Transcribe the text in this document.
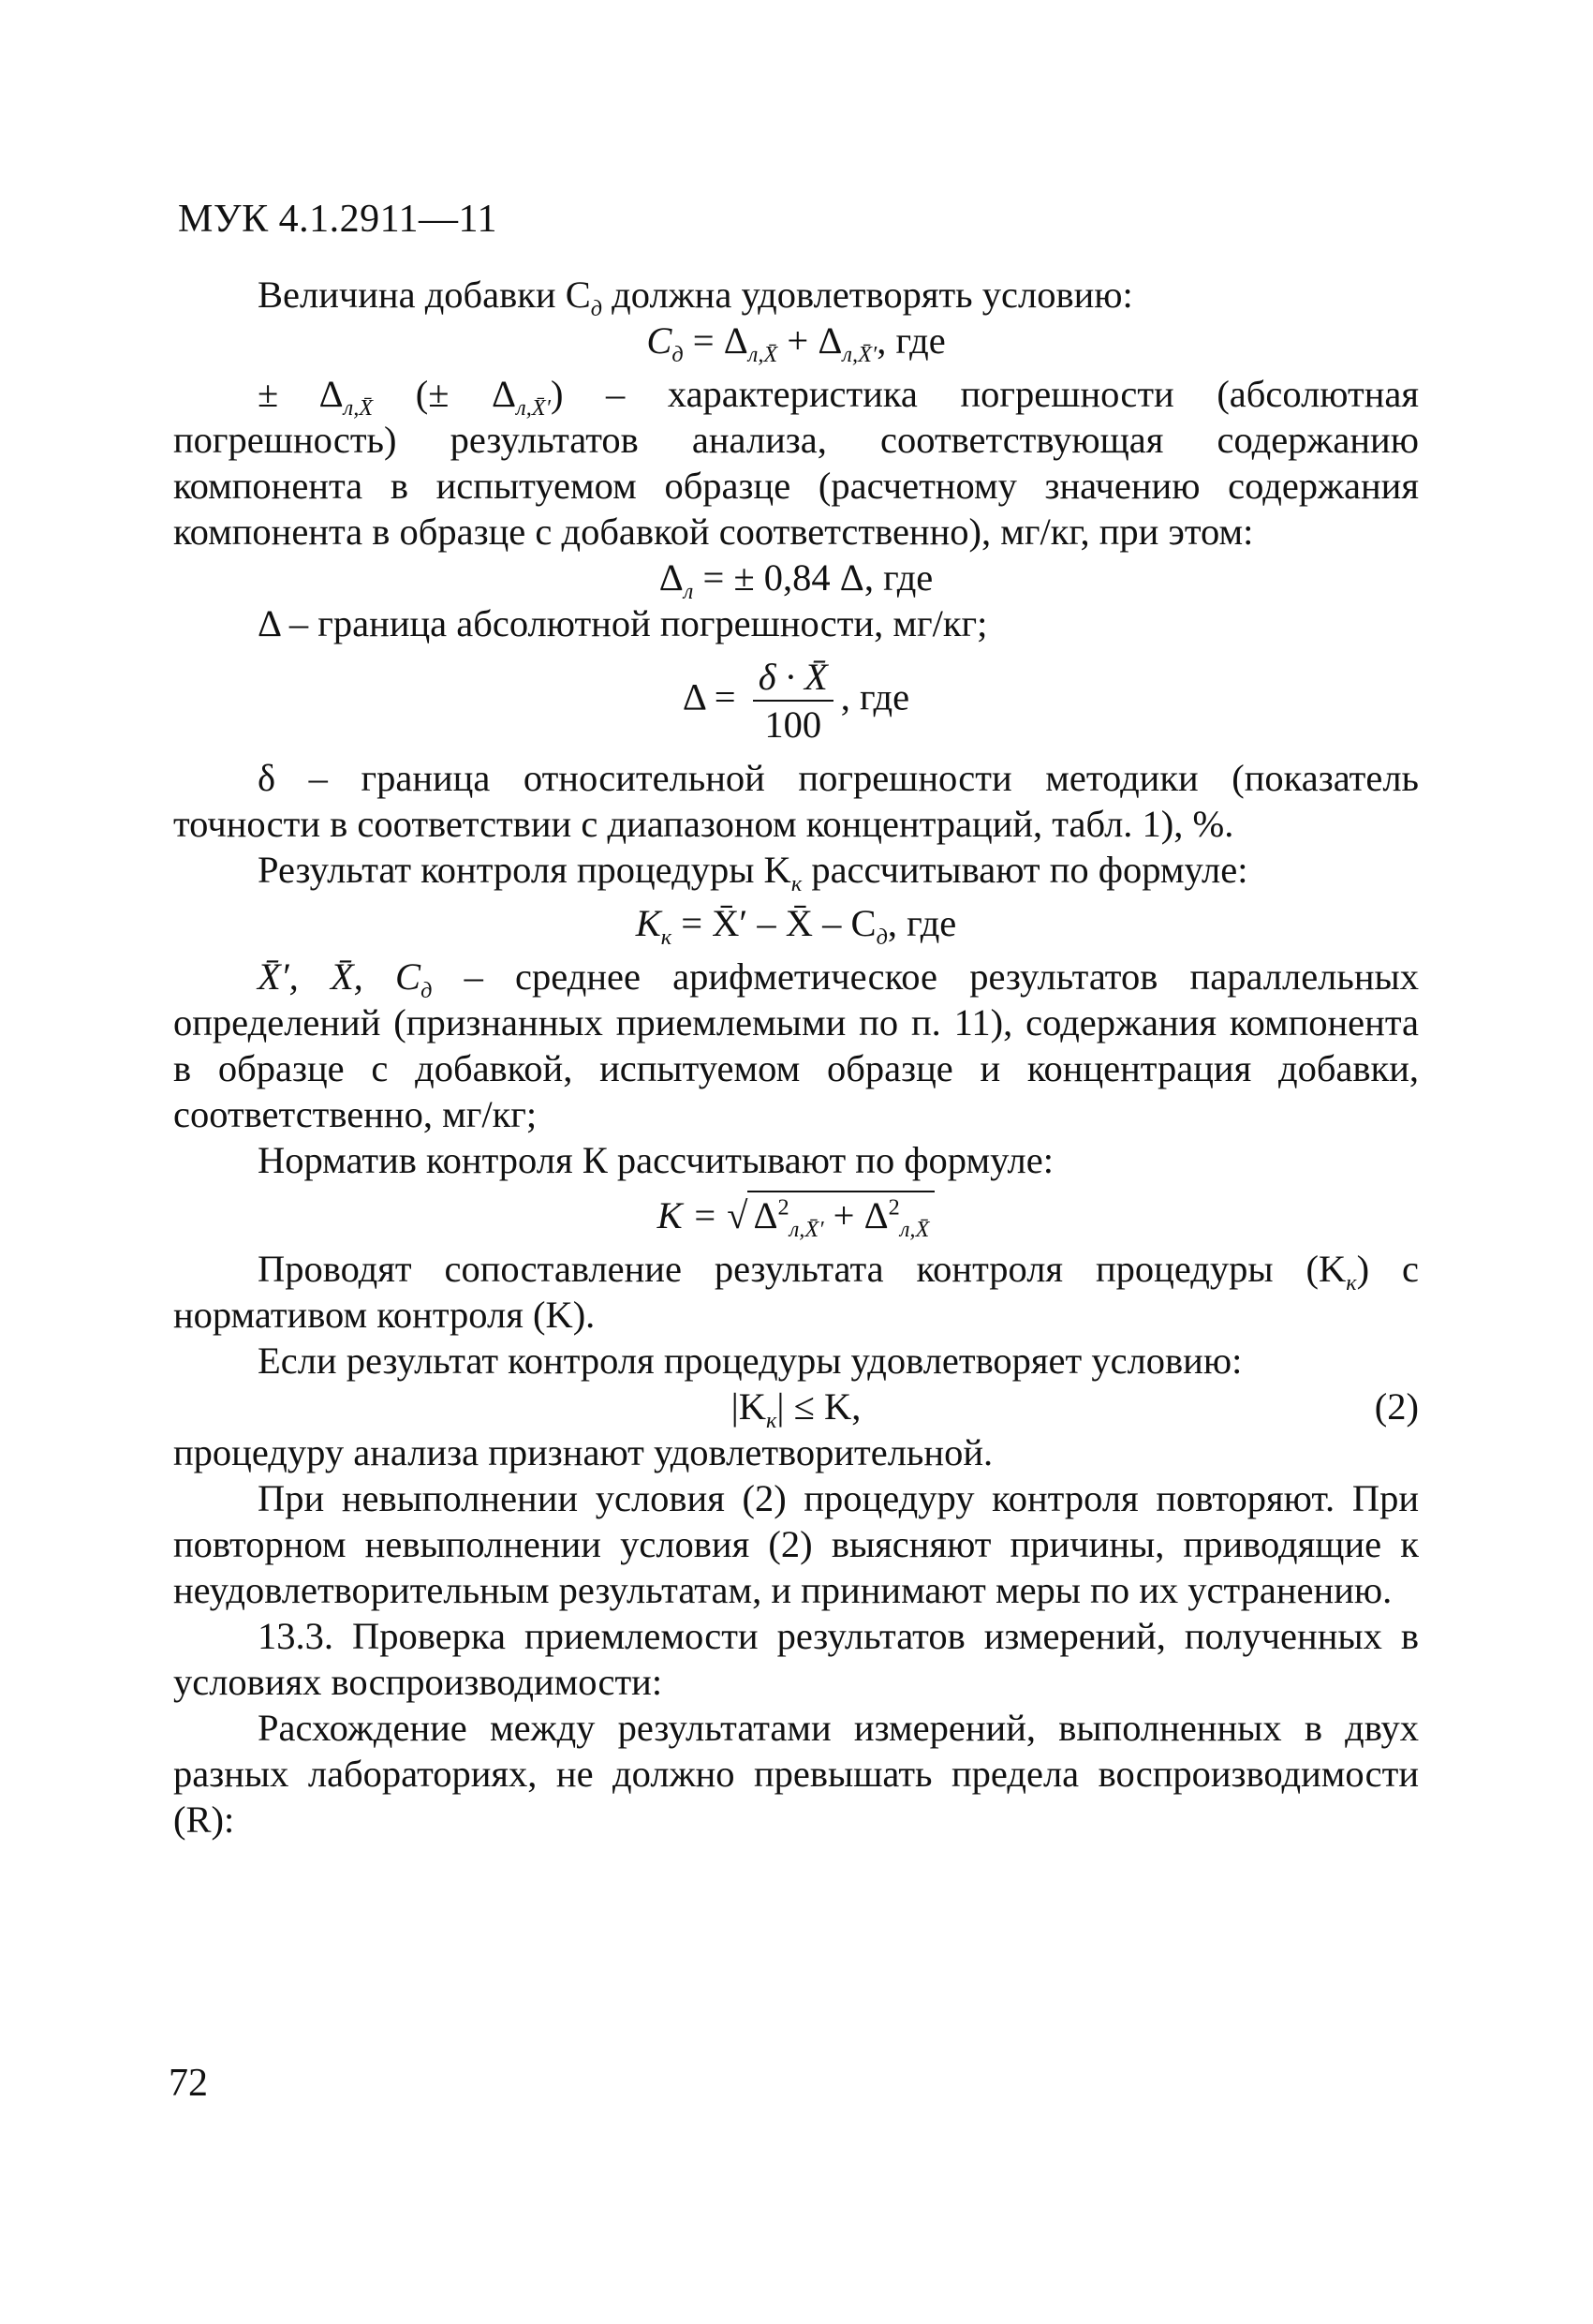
МУК 4.1.2911—11

Величина добавки $C_д$ должна удовлетворять условию:

$C_д = \Delta_{л,X̄} + \Delta_{л,X̄'}$, где

± $\Delta_{л,X̄}$ (± $\Delta_{л,X̄'}$) – характеристика погрешности (абсолютная погрешность) результатов анализа, соответствующая содержанию компонента в испытуемом образце (расчетному значению содержания компонента в образце с добавкой соответственно), мг/кг, при этом:

$\Delta_л$ = ± 0,84 Δ, где

Δ – граница абсолютной погрешности, мг/кг;

$\Delta = \frac{\delta \cdot X̄}{100}$ , где

δ – граница относительной погрешности методики (показатель точности в соответствии с диапазоном концентраций, табл. 1), %.

Результат контроля процедуры $K_к$ рассчитывают по формуле:

$K_к$ = X̄′ – X̄ – $C_д$, где

X̄′, X̄, $C_д$ – среднее арифметическое результатов параллельных определений (признанных приемлемыми по п. 11), содержания компонента в образце с добавкой, испытуемом образце и концентрация добавки, соответственно, мг/кг;

Норматив контроля К рассчитывают по формуле:

K = √ $\Delta^2_{л,X̄'} + \Delta^2_{л,X̄}$

Проводят сопоставление результата контроля процедуры $(K_к)$ с нормативом контроля (K).

Если результат контроля процедуры удовлетворяет условию:

$|K_к| \le K$,	(2)

процедуру анализа признают удовлетворительной.

При невыполнении условия (2) процедуру контроля повторяют. При повторном невыполнении условия (2) выясняют причины, приводящие к неудовлетворительным результатам, и принимают меры по их устранению.

13.3. Проверка приемлемости результатов измерений, полученных в условиях воспроизводимости:

Расхождение между результатами измерений, выполненных в двух разных лабораториях, не должно превышать предела воспроизводимости (R):

72
